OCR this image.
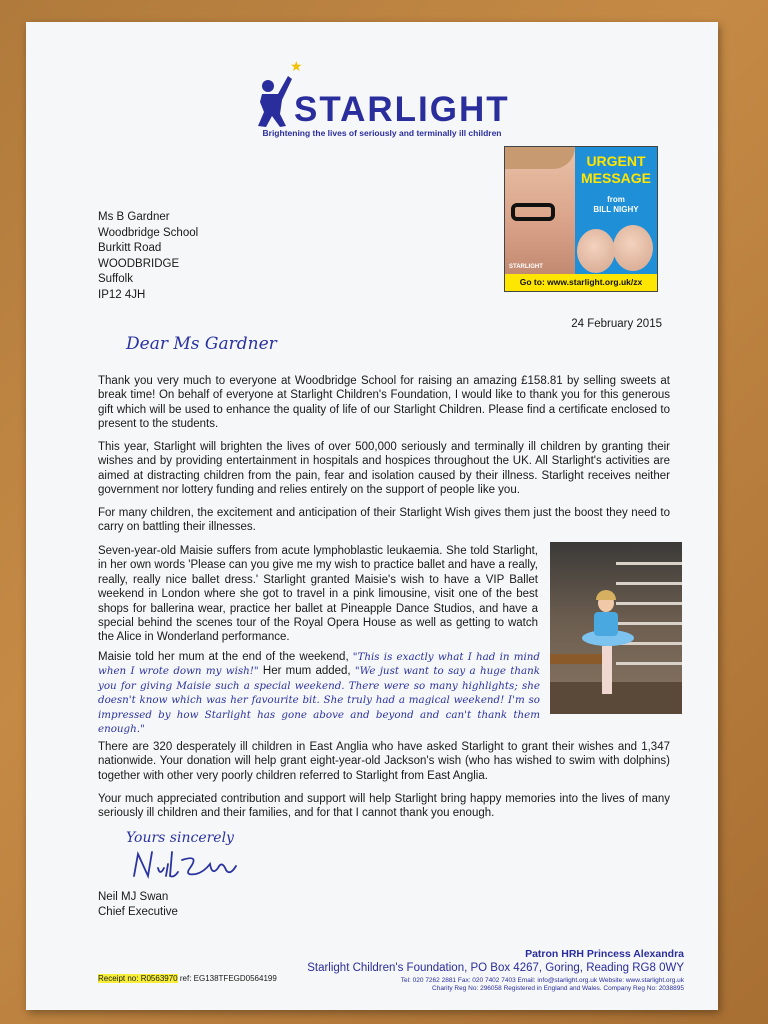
★
STARLIGHT
Brightening the lives of seriously and terminally ill children
Ms B Gardner
Woodbridge School
Burkitt Road
WOODBRIDGE
Suffolk
IP12 4JH
URGENT
MESSAGE
from
BILL NIGHY
STARLIGHT
Go to: www.starlight.org.uk/zx
24 February 2015
Dear Ms Gardner
Thank you very much to everyone at Woodbridge School for raising an amazing £158.81 by selling sweets at break time! On behalf of everyone at Starlight Children's Foundation, I would like to thank you for this generous gift which will be used to enhance the quality of life of our Starlight Children. Please find a certificate enclosed to present to the students.
This year, Starlight will brighten the lives of over 500,000 seriously and terminally ill children by granting their wishes and by providing entertainment in hospitals and hospices throughout the UK. All Starlight's activities are aimed at distracting children from the pain, fear and isolation caused by their illness. Starlight receives neither government nor lottery funding and relies entirely on the support of people like you.
For many children, the excitement and anticipation of their Starlight Wish gives them just the boost they need to carry on battling their illnesses.
Seven-year-old Maisie suffers from acute lymphoblastic leukaemia. She told Starlight, in her own words 'Please can you give me my wish to practice ballet and have a really, really, really nice ballet dress.' Starlight granted Maisie's wish to have a VIP Ballet weekend in London where she got to travel in a pink limousine, visit one of the best shops for ballerina wear, practice her ballet at Pineapple Dance Studios, and have a special behind the scenes tour of the Royal Opera House as well as getting to watch the Alice in Wonderland performance.
Maisie told her mum at the end of the weekend, "This is exactly what I had in mind when I wrote down my wish!" Her mum added, "We just want to say a huge thank you for giving Maisie such a special weekend. There were so many highlights; she doesn't know which was her favourite bit. She truly had a magical weekend! I'm so impressed by how Starlight has gone above and beyond and can't thank them enough."
There are 320 desperately ill children in East Anglia who have asked Starlight to grant their wishes and 1,347 nationwide. Your donation will help grant eight-year-old Jackson's wish (who has wished to swim with dolphins) together with other very poorly children referred to Starlight from East Anglia.
Your much appreciated contribution and support will help Starlight bring happy memories into the lives of many seriously ill children and their families, and for that I cannot thank you enough.
Yours sincerely
Neil MJ Swan
Chief Executive
Receipt no: R0563970 ref: EG138TFEGD0564199
Patron HRH Princess Alexandra
Starlight Children's Foundation, PO Box 4267, Goring, Reading RG8 0WY
Tel: 020 7262 2881 Fax: 020 7402 7403 Email: info@starlight.org.uk Website: www.starlight.org.uk
Charity Reg No: 296058 Registered in England and Wales. Company Reg No: 2038895
